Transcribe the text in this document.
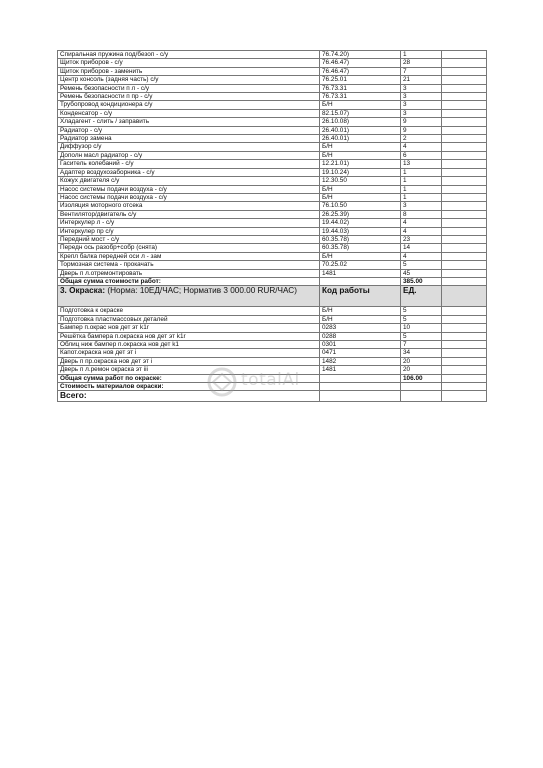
Спиральная пружина под/безоп - с/у	76.74.20)	1	
Щиток приборов - с/у	76.46.47)	28	
Щиток приборов - заменить	76.46.47)	7	
Центр консоль (задняя часть) с/у	76.25.01	21	
Ремень безопасности п л - с/у	76.73.31	3	
Ремень безопасности п пр - с/у	76.73.31	3	
Трубопровод кондиционера с/у	Б/Н	3	
Конденсатор - с/у	82.15.07)	3	
Хладагент - слить / заправить	26.10.08)	9	
Радиатор - с/у	26.40.01)	9	
Радиатор замена	26.40.01)	2	
Диффузор с/у	Б/Н	4	
Дополн масл радиатор - с/у	Б/Н	6	
Гаситель колебаний - с/у	12.21.01)	13	
Адаптер воздухозаборника - с/у	19.10.24)	1	
Кожух двигателя с/у	12.30.50	1	
Насос системы подачи воздуха - с/у	Б/Н	1	
Насос системы подачи воздуха - с/у	Б/Н	1	
Изоляция моторного отсека	76.10.50	3	
Вентилятор/двигатель с/у	26.25.39)	8	
Интеркулер л - с/у	19.44.02)	4	
Интеркулер пр с/у	19.44.03)	4	
Передний мост - с/у	60.35.78)	23	
Передн ось разобр+собр (снята)	60.35.78)	14	
Крепл балка передней оси л - зам	Б/Н	4	
Тормозная система - прокачать	70.25.02	5	
Дверь п л.отремонтировать	1481	45	
Общая сумма стоимости работ:		385.00	
3. Окраска: (Норма: 10ЕД/ЧАС; Норматив 3 000.00 RUR/ЧАС)	Код работы	ЕД.	
Подготовка к окраске	Б/Н	5	
Подготовка пластмассовых деталей	Б/Н	5	
Бампер п.окрас нов дет эт k1r	0283	10	
Решётка бампера п.окраска нов дет эт k1r	0288	5	
Облиц ниж бампер п.окраска нов дет k1	0301	7	
Капот.окраска нов дет эт i	0471	34	
Дверь п пр.окраска нов дет эт i	1482	20	
Дверь п л.ремон окраска эт iii	1481	20	
Общая сумма работ по окраске:		106.00	
Стоимость материалов окраски:			
Всего:			
totalAl
